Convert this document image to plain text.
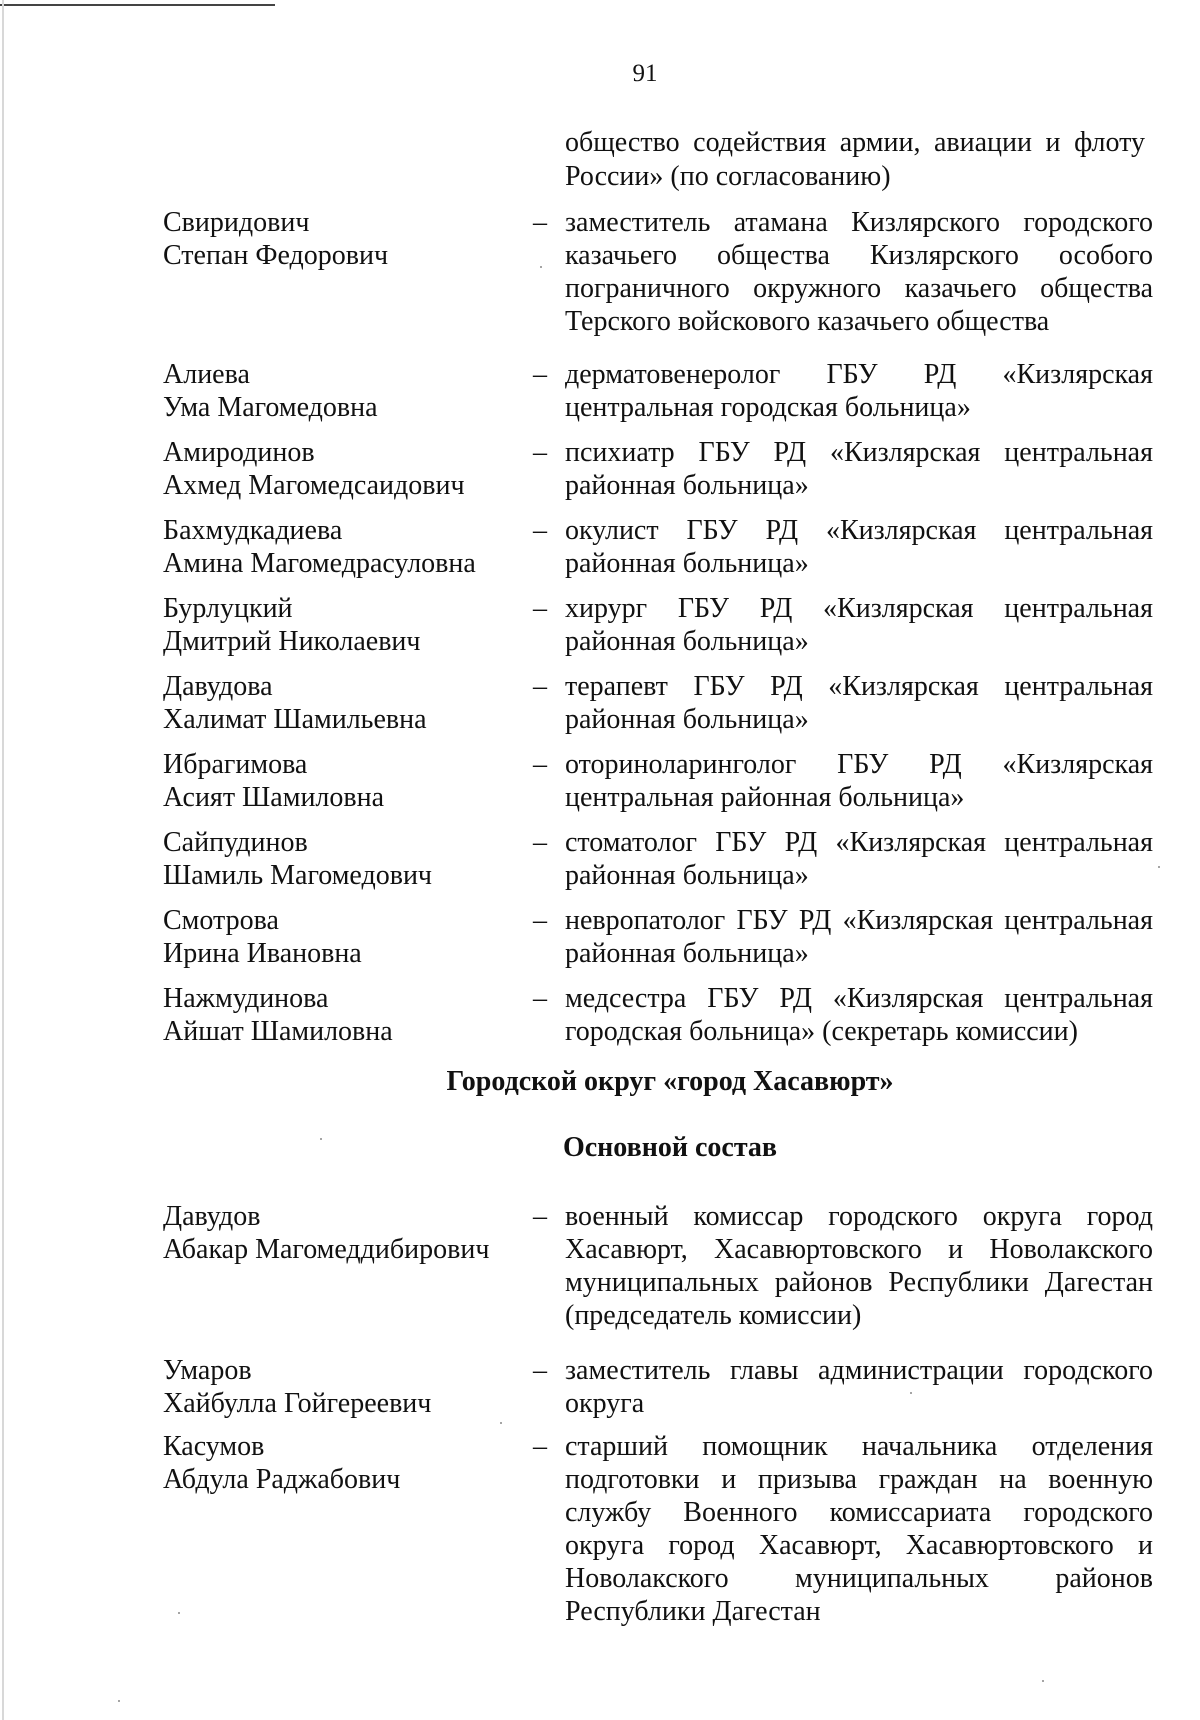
91
общество содействия армии, авиации и флоту России» (по согласованию)
Свиридович
Степан Федорович
– заместитель атамана Кизлярского городского казачьего общества Кизлярского особого пограничного окружного казачьего общества Терского войскового казачьего общества
Алиева
Ума Магомедовна
– дерматовенеролог ГБУ РД «Кизлярская центральная городская больница»
Амиродинов
Ахмед Магомедсаидович
– психиатр ГБУ РД «Кизлярская центральная районная больница»
Бахмудкадиева
Амина Магомедрасуловна
– окулист ГБУ РД «Кизлярская центральная районная больница»
Бурлуцкий
Дмитрий Николаевич
– хирург ГБУ РД «Кизлярская центральная районная больница»
Давудова
Халимат Шамильевна
– терапевт ГБУ РД «Кизлярская центральная районная больница»
Ибрагимова
Асият Шамиловна
– оториноларинголог ГБУ РД «Кизлярская центральная районная больница»
Сайпудинов
Шамиль Магомедович
– стоматолог ГБУ РД «Кизлярская центральная районная больница»
Смотрова
Ирина Ивановна
– невропатолог ГБУ РД «Кизлярская центральная районная больница»
Нажмудинова
Айшат Шамиловна
– медсестра ГБУ РД «Кизлярская центральная городская больница» (секретарь комиссии)
Городской округ «город Хасавюрт»
Основной состав
Давудов
Абакар Магомеддибирович
– военный комиссар городского округа город Хасавюрт, Хасавюртовского и Новолакского муниципальных районов Республики Дагестан (председатель комиссии)
Умаров
Хайбулла Гойгереевич
– заместитель главы администрации городского округа
Касумов
Абдула Раджабович
– старший помощник начальника отделения подготовки и призыва граждан на военную службу Военного комиссариата городского округа город Хасавюрт, Хасавюртовского и Новолакского муниципальных районов Республики Дагестан
